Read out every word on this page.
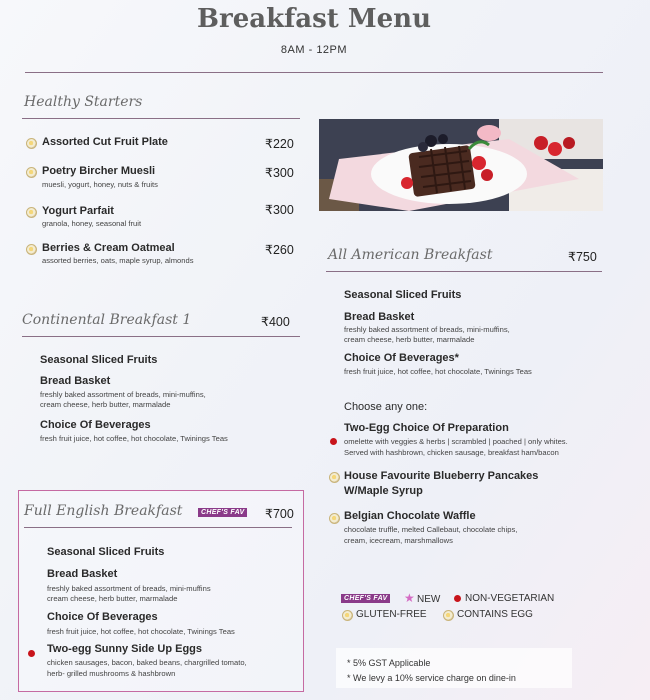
Breakfast Menu
8AM - 12PM
Healthy Starters
Assorted Cut Fruit Plate	₹220
Poetry Bircher Muesli	₹300
muesli, yogurt, honey, nuts & fruits
Yogurt Parfait	₹300
granola, honey, seasonal fruit
Berries & Cream Oatmeal	₹260
assorted berries, oats, maple syrup, almonds
Continental Breakfast 1	₹400
Seasonal Sliced Fruits
Bread Basket
freshly baked assortment of breads, mini-muffins,
cream cheese, herb butter, marmalade
Choice Of Beverages
fresh fruit juice, hot coffee, hot chocolate, Twinings Teas
Full English Breakfast	CHEF'S FAV ₹700
Seasonal Sliced Fruits
Bread Basket
freshly baked assortment of breads, mini-muffins
cream cheese, herb butter, marmalade
Choice Of Beverages
fresh fruit juice, hot coffee, hot chocolate, Twinings Teas
Two-egg Sunny Side Up Eggs
chicken sausages, bacon, baked beans, chargrilled tomato,
herb- grilled mushrooms & hashbrown
All American Breakfast	₹750
Seasonal Sliced Fruits
Bread Basket
freshly baked assortment of breads, mini-muffins,
cream cheese, herb butter, marmalade
Choice Of Beverages*
fresh fruit juice, hot coffee, hot chocolate, Twinings Teas
Choose any one:
Two-Egg Choice Of Preparation
omelette with veggies & herbs | scrambled | poached | only whites.
Served with hashbrown, chicken sausage, breakfast ham/bacon
House Favourite Blueberry Pancakes
W/Maple Syrup
Belgian Chocolate Waffle
chocolate truffle, melted Callebaut, chocolate chips,
cream, icecream, marshmallows
CHEF'S FAV ★ NEW NON-VEGETARIAN
GLUTEN-FREE	CONTAINS EGG
* 5% GST Applicable
* We levy a 10% service charge on dine-in
